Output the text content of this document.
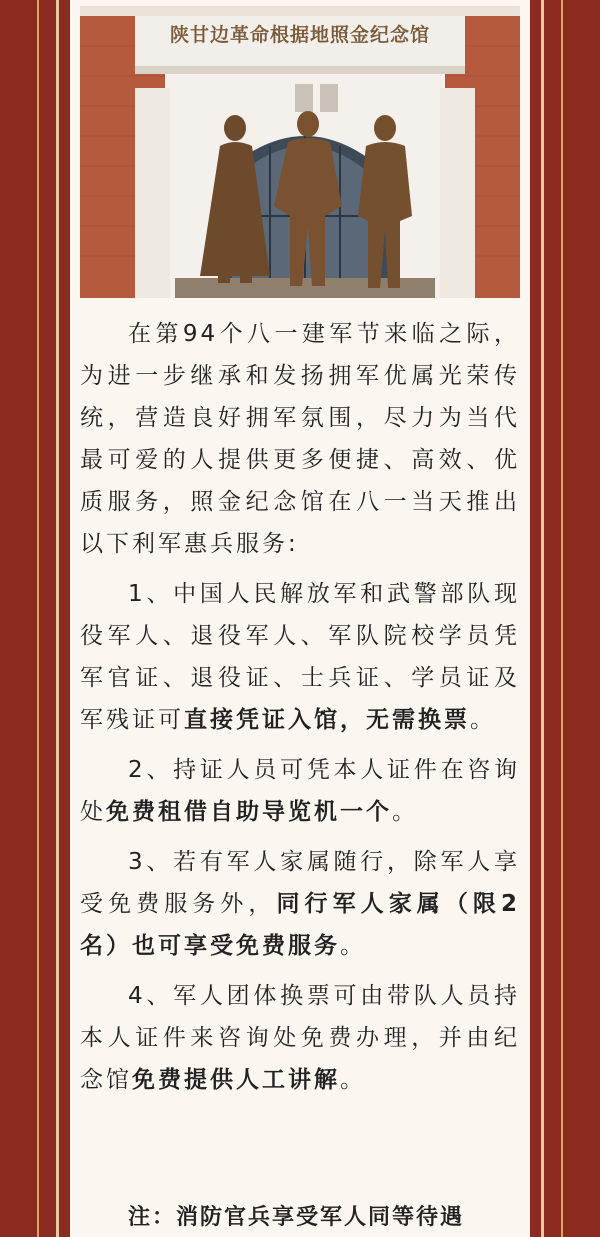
陕甘边革命根据地照金纪念馆

在第94个八一建军节来临之际，为进一步继承和发扬拥军优属光荣传统，营造良好拥军氛围，尽力为当代最可爱的人提供更多便捷、高效、优质服务，照金纪念馆在八一当天推出以下利军惠兵服务:

1、中国人民解放军和武警部队现役军人、退役军人、军队院校学员凭军官证、退役证、士兵证、学员证及军残证可直接凭证入馆，无需换票。

2、持证人员可凭本人证件在咨询处免费租借自助导览机一个。

3、若有军人家属随行，除军人享受免费服务外，同行军人家属（限2名）也可享受免费服务。

4、军人团体换票可由带队人员持本人证件来咨询处免费办理，并由纪念馆免费提供人工讲解。

注：消防官兵享受军人同等待遇
